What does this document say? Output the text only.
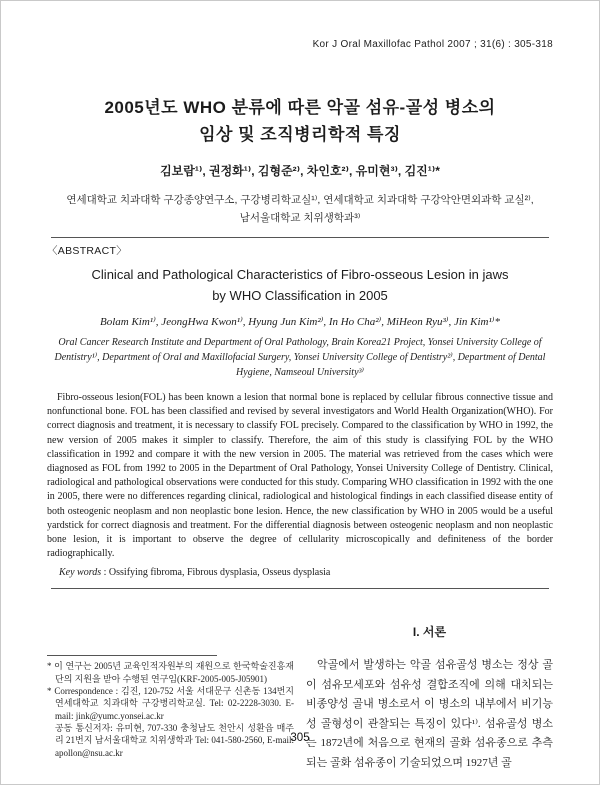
Kor J Oral Maxillofac Pathol 2007 ; 31(6) : 305-318
2005년도 WHO 분류에 따른 악골 섬유-골성 병소의
임상 및 조직병리학적 특징
김보람¹⁾, 권정화¹⁾, 김형준²⁾, 차인호²⁾, 유미현³⁾, 김진¹⁾*
연세대학교 치과대학 구강종양연구소, 구강병리학교실¹⁾, 연세대학교 치과대학 구강악안면외과학 교실²⁾,
남서울대학교 치위생학과³⁾
〈ABSTRACT〉
Clinical and Pathological Characteristics of Fibro-osseous Lesion in jaws
by WHO Classification in 2005
Bolam Kim¹⁾, JeongHwa Kwon¹⁾, Hyung Jun Kim²⁾, In Ho Cha²⁾, MiHeon Ryu³⁾, Jin Kim¹⁾*
Oral Cancer Research Institute and Department of Oral Pathology, Brain Korea21 Project, Yonsei University College of Dentistry¹⁾, Department of Oral and Maxillofacial Surgery, Yonsei University College of Dentistry²⁾, Department of Dental Hygiene, Namseoul University³⁾
Fibro-osseous lesion(FOL) has been known a lesion that normal bone is replaced by cellular fibrous connective tissue and nonfunctional bone. FOL has been classified and revised by several investigators and World Health Organization(WHO). For correct diagnosis and treatment, it is necessary to classify FOL precisely. Compared to the classification by WHO in 1992, the new version of 2005 makes it simpler to classify. Therefore, the aim of this study is classifying FOL by the WHO classification in 1992 and compare it with the new version in 2005. The material was retrieved from the cases which were diagnosed as FOL from 1992 to 2005 in the Department of Oral Pathology, Yonsei University College of Dentistry. Clinical, radiological and pathological observations were conducted for this study. Comparing WHO classification in 1992 with the one in 2005, there were no differences regarding clinical, radiological and histological findings in each classified disease entity of both osteogenic neoplasm and non neoplastic bone lesion. Hence, the new classification by WHO in 2005 would be a useful yardstick for correct diagnosis and treatment. For the differential diagnosis between osteogenic neoplasm and non neoplastic bone lesion, it is important to observe the degree of cellularity microscopically and definiteness of the border radiographically.
Key words : Ossifying fibroma, Fibrous dysplasia, Osseus dysplasia
* 이 연구는 2005년 교육인적자원부의 재원으로 한국학술진흥재단의 지원을 받아 수행된 연구임(KRF-2005-005-J05901)
* Correspondence : 김진, 120-752 서울 서대문구 신촌동 134번지 연세대학교 치과대학 구강병리학교실. Tel: 02-2228-3030. E-mail: jink@yumc.yonsei.ac.kr
공동 통신저자: 유미현, 707-330 충청남도 천안시 성환읍 매주리 21번지 남서울대학교 치위생학과 Tel: 041-580-2560, E-mail: apollon@nsu.ac.kr
I. 서론
악골에서 발생하는 악골 섬유골성 병소는 정상 골이 섬유모세포와 섬유성 결합조직에 의해 대치되는 비종양성 골내 병소로서 이 병소의 내부에서 비기능성 골형성이 관찰되는 특징이 있다¹⁾. 섬유골성 병소는 1872년에 처음으로 현재의 골화 섬유종으로 추측되는 골화 섬유종이 기술되었으며 1927년 골
305
